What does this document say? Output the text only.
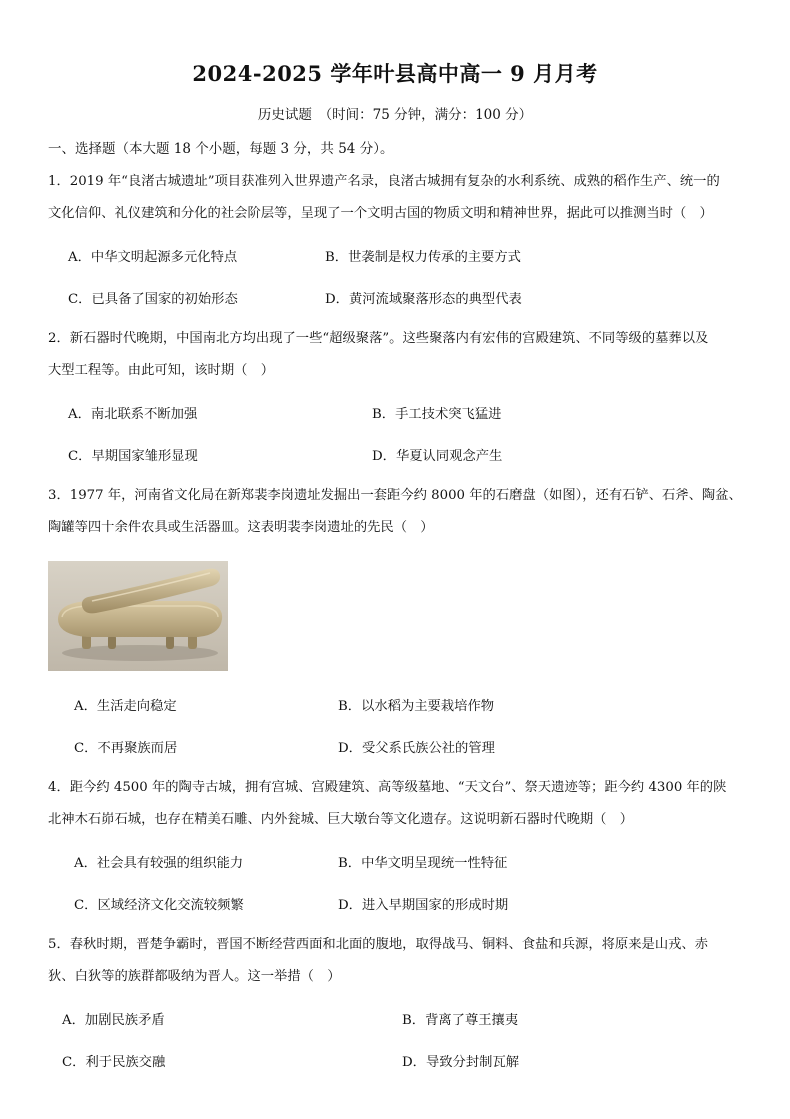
2024-2025 学年叶县高中高一 9 月月考
历史试题　（时间：75 分钟，满分：100 分）
一、选择题（本大题 18 个小题，每题 3 分，共 54 分）。
1．2019 年“良渚古城遗址”项目获准列入世界遗产名录，良渚古城拥有复杂的水利系统、成熟的稻作生产、统一的
文化信仰、礼仪建筑和分化的社会阶层等，呈现了一个文明古国的物质文明和精神世界，据此可以推测当时（　）
A．中华文明起源多元化特点	B．世袭制是权力传承的主要方式
C．已具备了国家的初始形态	D．黄河流域聚落形态的典型代表
2．新石器时代晚期，中国南北方均出现了一些“超级聚落”。这些聚落内有宏伟的宫殿建筑、不同等级的墓葬以及
大型工程等。由此可知，该时期（　）
A．南北联系不断加强	B．手工技术突飞猛进
C．早期国家雏形显现	D．华夏认同观念产生
3．1977 年，河南省文化局在新郑裴李岗遗址发掘出一套距今约 8000 年的石磨盘（如图），还有石铲、石斧、陶盆、
陶罐等四十余件农具或生活器皿。这表明裴李岗遗址的先民（　）
A．生活走向稳定	B．以水稻为主要栽培作物
C．不再聚族而居	D．受父系氏族公社的管理
4．距今约 4500 年的陶寺古城，拥有宫城、宫殿建筑、高等级墓地、“天文台”、祭天遗迹等；距今约 4300 年的陕
北神木石峁石城，也存在精美石雕、内外瓮城、巨大墩台等文化遗存。这说明新石器时代晚期（　）
A．社会具有较强的组织能力	B．中华文明呈现统一性特征
C．区域经济文化交流较频繁	D．进入早期国家的形成时期
5．春秋时期，晋楚争霸时，晋国不断经营西面和北面的腹地，取得战马、铜料、食盐和兵源，将原来是山戎、赤
狄、白狄等的族群都吸纳为晋人。这一举措（　）
A．加剧民族矛盾	B．背离了尊王攘夷
C．利于民族交融	D．导致分封制瓦解
